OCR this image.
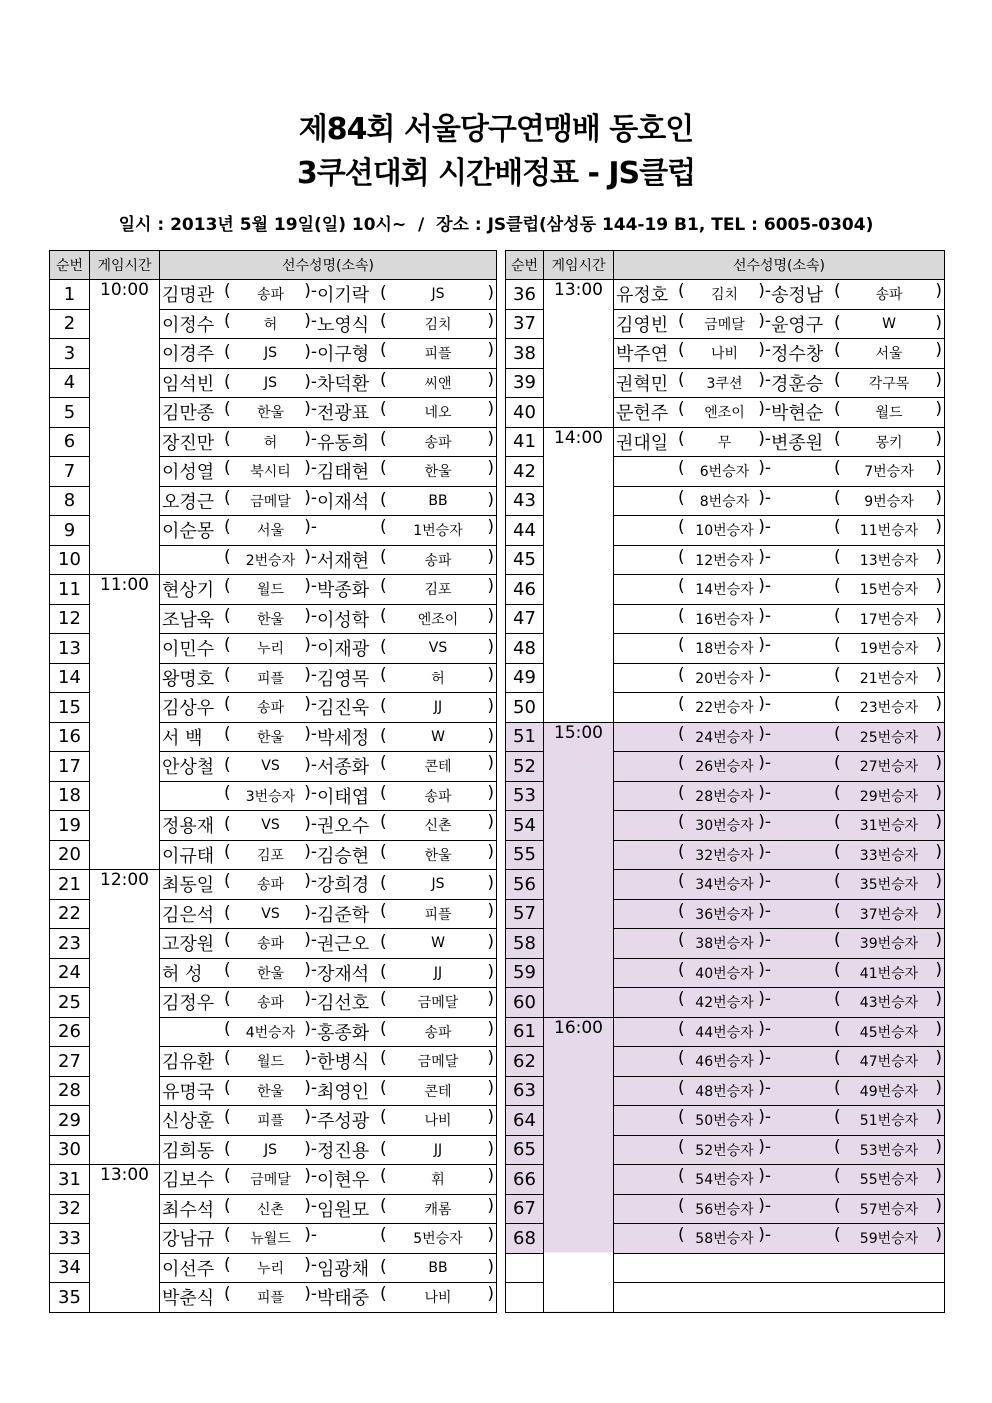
제84회 서울당구연맹배 동호인
3쿠션대회 시간배정표 - JS클럽
일시 : 2013년 5월 19일(일) 10시~  /  장소 : JS클럽(삼성동 144-19 B1, TEL : 6005-0304)
순번	게임시간	선수성명(소속)
1	10:00	김명관 ( 송파 )- 이기락 ( JS )

2		이정수 ( 허 )- 노영식 ( 김치 )

3		이경주 ( JS )- 이구형 ( 피플 )

4		임석빈 ( JS )- 차덕환 ( 씨앤 )

5		김만종 ( 한울 )- 전광표 ( 네오 )

6		장진만 ( 허 )- 유동희 ( 송파 )

7		이성열 ( 북시티 )- 김태현 ( 한울 )

8		오경근 ( 금메달 )- 이재석 ( BB )

9		이순몽 ( 서울 )- ( 1번승자 )

10		( 2번승자 )- 서재현 ( 송파 )

11	11:00	현상기 ( 월드 )- 박종화 ( 김포 )

12		조남욱 ( 한울 )- 이성학 ( 엔조이 )

13		이민수 ( 누리 )- 이재광 ( VS )

14		왕명호 ( 피플 )- 김영목 ( 허 )

15		김상우 ( 송파 )- 김진욱 ( JJ )

16		서 백 ( 한울 )- 박세정 ( W )

17		안상철 ( VS )- 서종화 ( 콘테 )

18		( 3번승자 )- 이태엽 ( 송파 )

19		정용재 ( VS )- 권오수 ( 신촌 )

20		이규태 ( 김포 )- 김승현 ( 한울 )

21	12:00	최동일 ( 송파 )- 강희경 ( JS )

22		김은석 ( VS )- 김준학 ( 피플 )

23		고장원 ( 송파 )- 권근오 ( W )

24		허 성 ( 한울 )- 장재석 ( JJ )

25		김정우 ( 송파 )- 김선호 ( 금메달 )

26		( 4번승자 )- 홍종화 ( 송파 )

27		김유환 ( 월드 )- 한병식 ( 금메달 )

28		유명국 ( 한울 )- 최영인 ( 콘테 )

29		신상훈 ( 피플 )- 주성광 ( 나비 )

30		김희동 ( JS )- 정진용 ( JJ )

31	13:00	김보수 ( 금메달 )- 이현우 ( 휘 )

32		최수석 ( 신촌 )- 임원모 ( 캐롬 )

33		강남규 ( 뉴월드 )- ( 5번승자 )

34		이선주 ( 누리 )- 임광채 ( BB )

35		박춘식 ( 피플 )- 박태중 ( 나비 )
순번	게임시간	선수성명(소속)
36	13:00	유정호 ( 김치 )- 송정남 ( 송파 )

37		김영빈 ( 금메달 )- 윤영구 ( W )

38		박주연 ( 나비 )- 정수창 ( 서울 )

39		권혁민 ( 3쿠션 )- 경훈승 ( 각구목 )

40		문헌주 ( 엔조이 )- 박현순 ( 월드 )

41	14:00	권대일 ( 무 )- 변종원 ( 몽키 )

42		( 6번승자 )- ( 7번승자 )

43		( 8번승자 )- ( 9번승자 )

44		( 10번승자 )- ( 11번승자 )

45		( 12번승자 )- ( 13번승자 )

46		( 14번승자 )- ( 15번승자 )

47		( 16번승자 )- ( 17번승자 )

48		( 18번승자 )- ( 19번승자 )

49		( 20번승자 )- ( 21번승자 )

50		( 22번승자 )- ( 23번승자 )

51	15:00	( 24번승자 )- ( 25번승자 )

52		( 26번승자 )- ( 27번승자 )

53		( 28번승자 )- ( 29번승자 )

54		( 30번승자 )- ( 31번승자 )

55		( 32번승자 )- ( 33번승자 )

56		( 34번승자 )- ( 35번승자 )

57		( 36번승자 )- ( 37번승자 )

58		( 38번승자 )- ( 39번승자 )

59		( 40번승자 )- ( 41번승자 )

60		( 42번승자 )- ( 43번승자 )

61	16:00	( 44번승자 )- ( 45번승자 )

62		( 46번승자 )- ( 47번승자 )

63		( 48번승자 )- ( 49번승자 )

64		( 50번승자 )- ( 51번승자 )

65		( 52번승자 )- ( 53번승자 )

66		( 54번승자 )- ( 55번승자 )

67		( 56번승자 )- ( 57번승자 )

68		( 58번승자 )- ( 59번승자 )
